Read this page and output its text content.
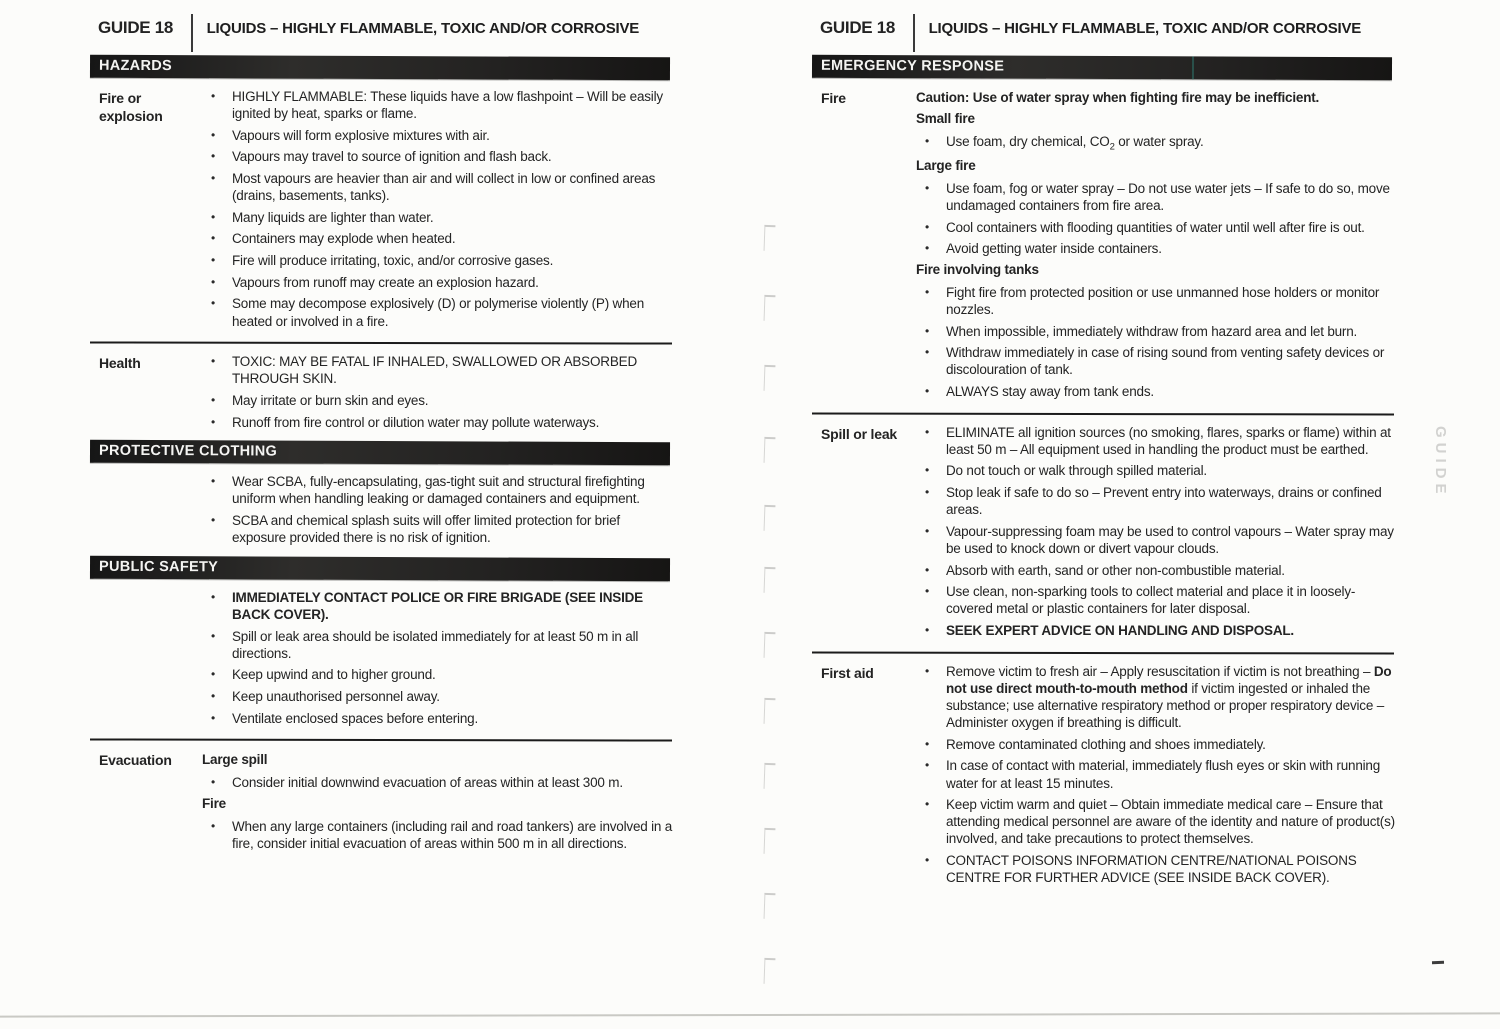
GUIDE 18 LIQUIDS – HIGHLY FLAMMABLE, TOXIC AND/OR CORROSIVE
HAZARDS
Fire or explosion
•	HIGHLY FLAMMABLE: These liquids have a low flashpoint – Will be easily ignited by heat, sparks or flame.
•	Vapours will form explosive mixtures with air.
•	Vapours may travel to source of ignition and flash back.
•	Most vapours are heavier than air and will collect in low or confined areas (drains, basements, tanks).
•	Many liquids are lighter than water.
•	Containers may explode when heated.
•	Fire will produce irritating, toxic, and/or corrosive gases.
•	Vapours from runoff may create an explosion hazard.
•	Some may decompose explosively (D) or polymerise violently (P) when heated or involved in a fire.
Health	•	TOXIC: MAY BE FATAL IF INHALED, SWALLOWED OR ABSORBED THROUGH SKIN.
•	May irritate or burn skin and eyes.
•	Runoff from fire control or dilution water may pollute waterways.
PROTECTIVE CLOTHING
•	Wear SCBA, fully-encapsulating, gas-tight suit and structural firefighting uniform when handling leaking or damaged containers and equipment.
•	SCBA and chemical splash suits will offer limited protection for brief exposure provided there is no risk of ignition.
PUBLIC SAFETY
•	IMMEDIATELY CONTACT POLICE OR FIRE BRIGADE (SEE INSIDE BACK COVER).
•	Spill or leak area should be isolated immediately for at least 50 m in all directions.
•	Keep upwind and to higher ground.
•	Keep unauthorised personnel away.
•	Ventilate enclosed spaces before entering.
Evacuation	Large spill
•	Consider initial downwind evacuation of areas within at least 300 m.
Fire
•	When any large containers (including rail and road tankers) are involved in a fire, consider initial evacuation of areas within 500 m in all directions.
GUIDE 18 LIQUIDS – HIGHLY FLAMMABLE, TOXIC AND/OR CORROSIVE
EMERGENCY RESPONSE
Fire	Caution: Use of water spray when fighting fire may be inefficient.
Small fire
•	Use foam, dry chemical, $CO_2$ or water spray.
Large fire
•	Use foam, fog or water spray – Do not use water jets – If safe to do so, move undamaged containers from fire area.
•	Cool containers with flooding quantities of water until well after fire is out.
•	Avoid getting water inside containers.
Fire involving tanks
•	Fight fire from protected position or use unmanned hose holders or monitor nozzles.
•	When impossible, immediately withdraw from hazard area and let burn.
•	Withdraw immediately in case of rising sound from venting safety devices or discolouration of tank.
•	ALWAYS stay away from tank ends.
Spill or leak	•	ELIMINATE all ignition sources (no smoking, flares, sparks or flame) within at least 50 m – All equipment used in handling the product must be earthed.
•	Do not touch or walk through spilled material.
•	Stop leak if safe to do so – Prevent entry into waterways, drains or confined areas.
•	Vapour-suppressing foam may be used to control vapours – Water spray may be used to knock down or divert vapour clouds.
•	Absorb with earth, sand or other non-combustible material.
•	Use clean, non-sparking tools to collect material and place it in loosely-covered metal or plastic containers for later disposal.
•	SEEK EXPERT ADVICE ON HANDLING AND DISPOSAL.
First aid	•	Remove victim to fresh air – Apply resuscitation if victim is not breathing – Do not use direct mouth-to-mouth method if victim ingested or inhaled the substance; use alternative respiratory method or proper respiratory device – Administer oxygen if breathing is difficult.
•	Remove contaminated clothing and shoes immediately.
•	In case of contact with material, immediately flush eyes or skin with running water for at least 15 minutes.
•	Keep victim warm and quiet – Obtain immediate medical care – Ensure that attending medical personnel are aware of the identity and nature of product(s) involved, and take precautions to protect themselves.
•	CONTACT POISONS INFORMATION CENTRE/NATIONAL POISONS CENTRE FOR FURTHER ADVICE (SEE INSIDE BACK COVER).
GUIDE
